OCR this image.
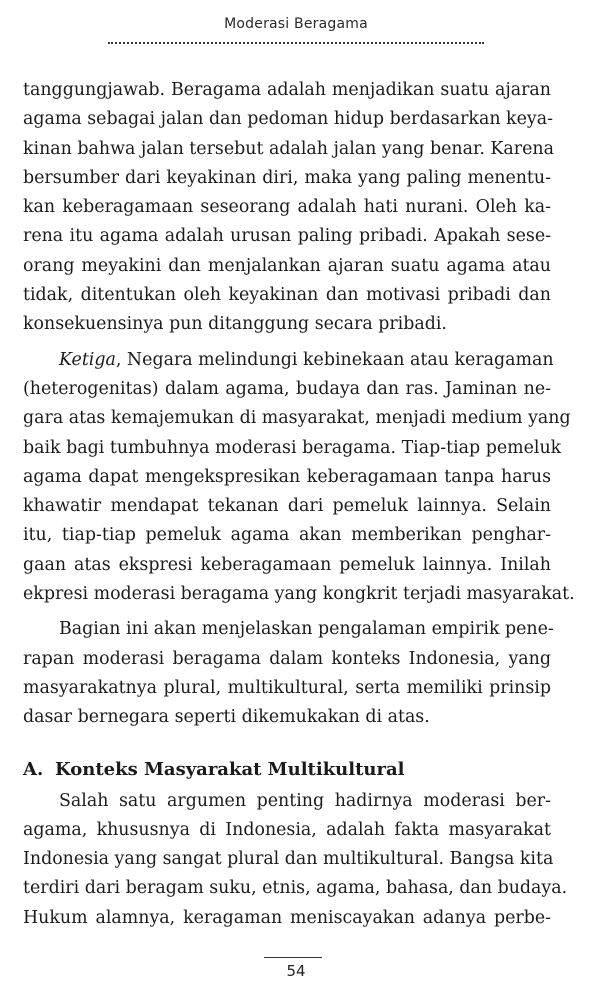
Moderasi Beragama
tanggungjawab. Beragama adalah menjadikan suatu ajaran
agama sebagai jalan dan pedoman hidup berdasarkan keya-
kinan bahwa jalan tersebut adalah jalan yang benar. Karena
bersumber dari keyakinan diri, maka yang paling menentu-
kan keberagamaan seseorang adalah hati nurani. Oleh ka-
rena itu agama adalah urusan paling pribadi. Apakah sese-
orang meyakini dan menjalankan ajaran suatu agama atau
tidak, ditentukan oleh keyakinan dan motivasi pribadi dan
konsekuensinya pun ditanggung secara pribadi.
Ketiga, Negara melindungi kebinekaan atau keragaman
(heterogenitas) dalam agama, budaya dan ras. Jaminan ne-
gara atas kemajemukan di masyarakat, menjadi medium yang
baik bagi tumbuhnya moderasi beragama. Tiap-tiap pemeluk
agama dapat mengekspresikan keberagamaan tanpa harus
khawatir mendapat tekanan dari pemeluk lainnya. Selain
itu, tiap-tiap pemeluk agama akan memberikan penghar-
gaan atas ekspresi keberagamaan pemeluk lainnya. Inilah
ekpresi moderasi beragama yang kongkrit terjadi masyarakat.
Bagian ini akan menjelaskan pengalaman empirik pene-
rapan moderasi beragama dalam konteks Indonesia, yang
masyarakatnya plural, multikultural, serta memiliki prinsip
dasar bernegara seperti dikemukakan di atas.
A. Konteks Masyarakat Multikultural
Salah satu argumen penting hadirnya moderasi ber-
agama, khususnya di Indonesia, adalah fakta masyarakat
Indonesia yang sangat plural dan multikultural. Bangsa kita
terdiri dari beragam suku, etnis, agama, bahasa, dan budaya.
Hukum alamnya, keragaman meniscayakan adanya perbe-
54
